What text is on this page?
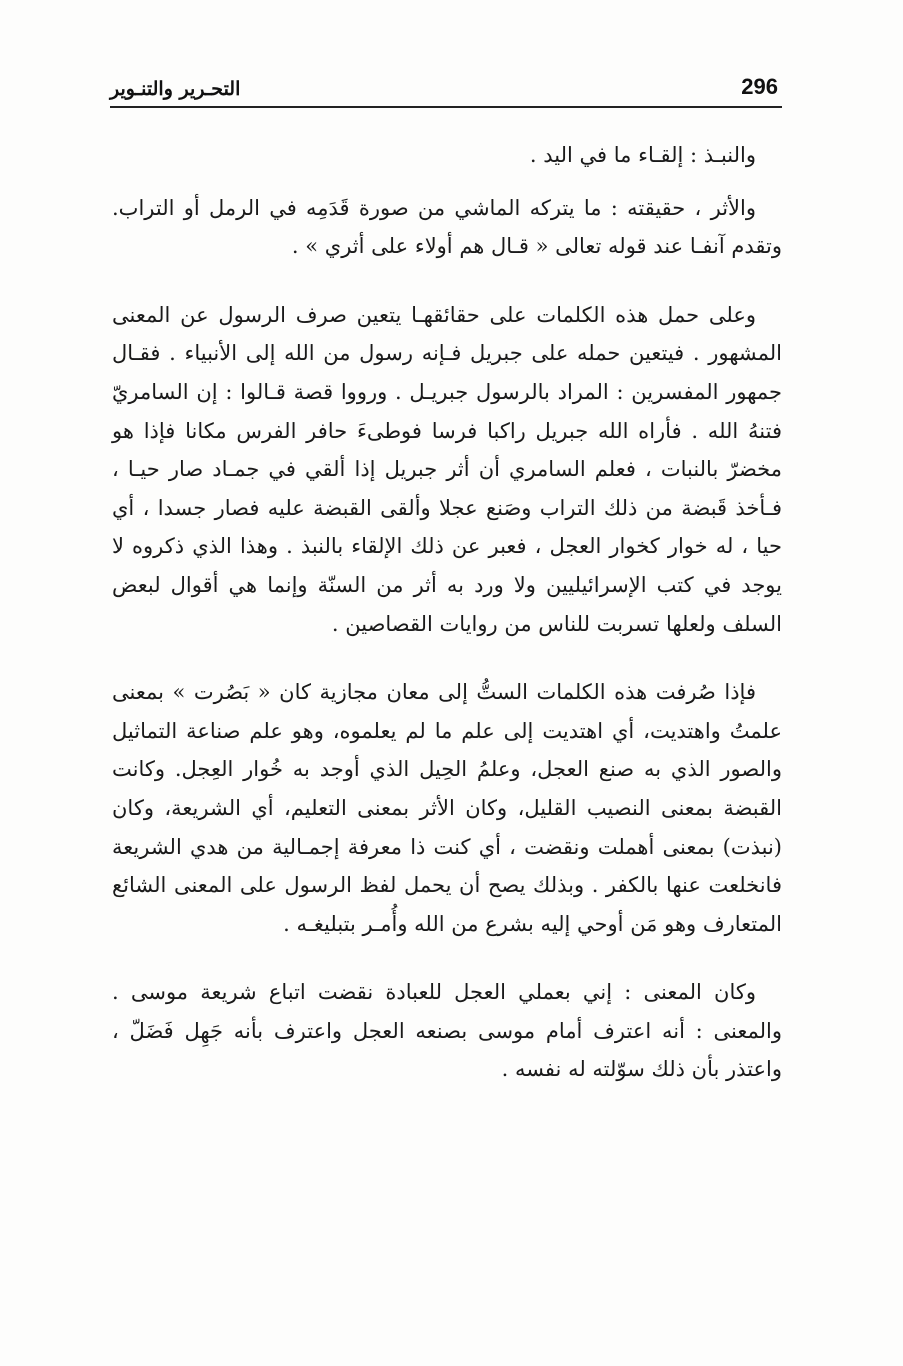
296
التحـرير والتنـوير

والنبـذ : إلقـاء ما في اليد .

والأثر ، حقيقته : ما يتركه الماشي من صورة قَدَمِه في الرمل أو التراب. وتقدم آنفـا عند قوله تعالى « قـال هم أولاء على أثري » .

وعلى حمل هذه الكلمات على حقائقهـا يتعين صرف الرسول عن المعنى المشهور . فيتعين حمله على جبريل فـإنه رسول من الله إلى الأنبياء . فقـال جمهور المفسرين : المراد بالرسول جبريـل . ورووا قصة قـالوا : إن السامريّ فتنهُ الله . فأراه الله جبريل راكبا فرسا فوطىءَ حافر الفرس مكانا فإذا هو مخضرّ بالنبات ، فعلم السامري أن أثر جبريل إذا ألقي في جمـاد صار حيـا ، فـأخذ قَبضة من ذلك التراب وصَنع عجلا وألقى القبضة عليه فصار جسدا ، أي حيا ، له خوار كخوار العجل ، فعبر عن ذلك الإلقاء بالنبذ . وهذا الذي ذكروه لا يوجد في كتب الإسرائيليين ولا ورد به أثر من السنّة وإنما هي أقوال لبعض السلف ولعلها تسربت للناس من روايات القصاصين .

فإذا صُرفت هذه الكلمات الستُّ إلى معان مجازية كان « بَصُرت » بمعنى علمتُ واهتديت، أي اهتديت إلى علم ما لم يعلموه، وهو علم صناعة التماثيل والصور الذي به صنع العجل، وعلمُ الحِيل الذي أوجد به خُوار العِجل. وكانت القبضة بمعنى النصيب القليل، وكان الأثر بمعنى التعليم، أي الشريعة، وكان (نبذت) بمعنى أهملت ونقضت ، أي كنت ذا معرفة إجمـالية من هدي الشريعة فانخلعت عنها بالكفر . وبذلك يصح أن يحمل لفظ الرسول على المعنى الشائع المتعارف وهو مَن أوحي إليه بشرع من الله وأُمـر بتبليغـه .

وكان المعنى : إني بعملي العجل للعبادة نقضت اتباع شريعة موسى . والمعنى : أنه اعترف أمام موسى بصنعه العجل واعترف بأنه جَهِل فَضَلّ ، واعتذر بأن ذلك سوّلته له نفسه .
